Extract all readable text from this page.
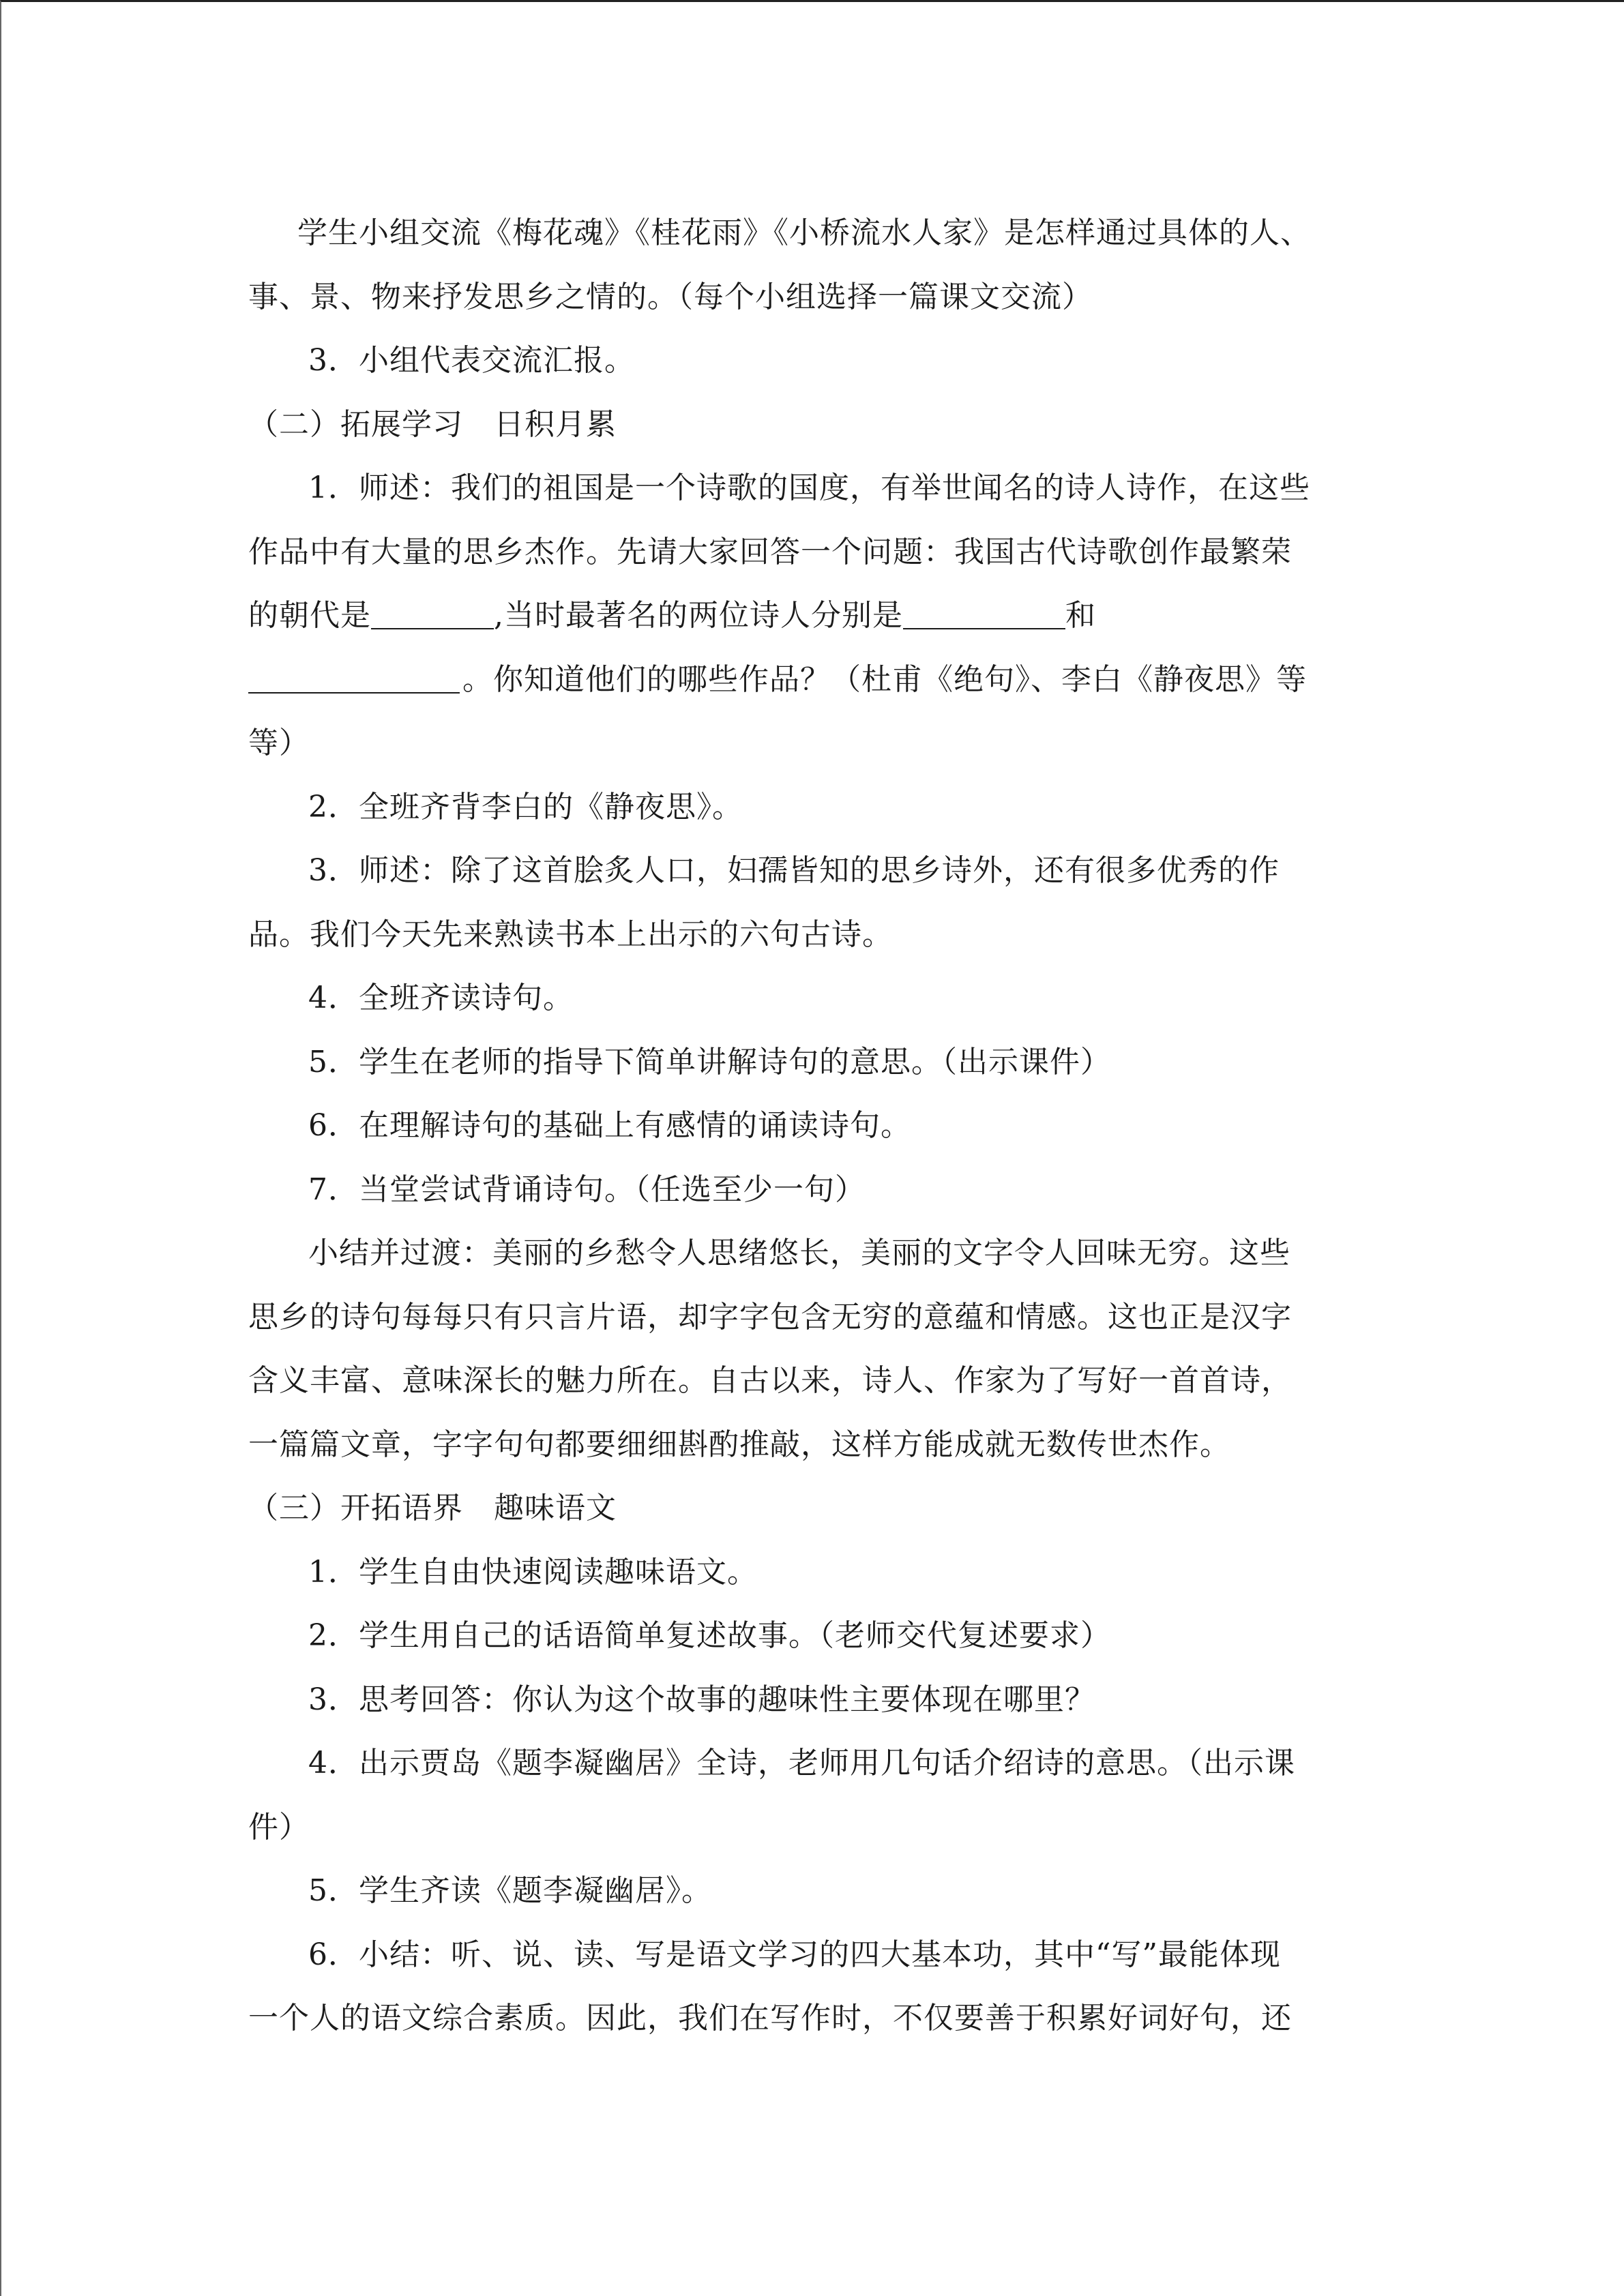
学生小组交流《梅花魂》《桂花雨》《小桥流水人家》是怎样通过具体的人、
事、景、物来抒发思乡之情的。（每个小组选择一篇课文交流）
3．小组代表交流汇报。
（二）拓展学习　日积月累
1．师述：我们的祖国是一个诗歌的国度，有举世闻名的诗人诗作，在这些
作品中有大量的思乡杰作。先请大家回答一个问题：我国古代诗歌创作最繁荣
的朝代是	,当时最著名的两位诗人分别是	和
。你知道他们的哪些作品？（杜甫《绝句》、李白《静夜思》等
等）
2．全班齐背李白的《静夜思》。
3．师述：除了这首脍炙人口，妇孺皆知的思乡诗外，还有很多优秀的作
品。我们今天先来熟读书本上出示的六句古诗。
4．全班齐读诗句。
5．学生在老师的指导下简单讲解诗句的意思。（出示课件）
6．在理解诗句的基础上有感情的诵读诗句。
7．当堂尝试背诵诗句。（任选至少一句）
小结并过渡：美丽的乡愁令人思绪悠长，美丽的文字令人回味无穷。这些
思乡的诗句每每只有只言片语，却字字包含无穷的意蕴和情感。这也正是汉字
含义丰富、意味深长的魅力所在。自古以来，诗人、作家为了写好一首首诗，
一篇篇文章，字字句句都要细细斟酌推敲，这样方能成就无数传世杰作。
（三）开拓语界　趣味语文
1．学生自由快速阅读趣味语文。
2．学生用自己的话语简单复述故事。（老师交代复述要求）
3．思考回答：你认为这个故事的趣味性主要体现在哪里？
4．出示贾岛《题李凝幽居》全诗，老师用几句话介绍诗的意思。（出示课
件）
5．学生齐读《题李凝幽居》。
6．小结：听、说、读、写是语文学习的四大基本功，其中“写”最能体现
一个人的语文综合素质。因此，我们在写作时，不仅要善于积累好词好句，还
